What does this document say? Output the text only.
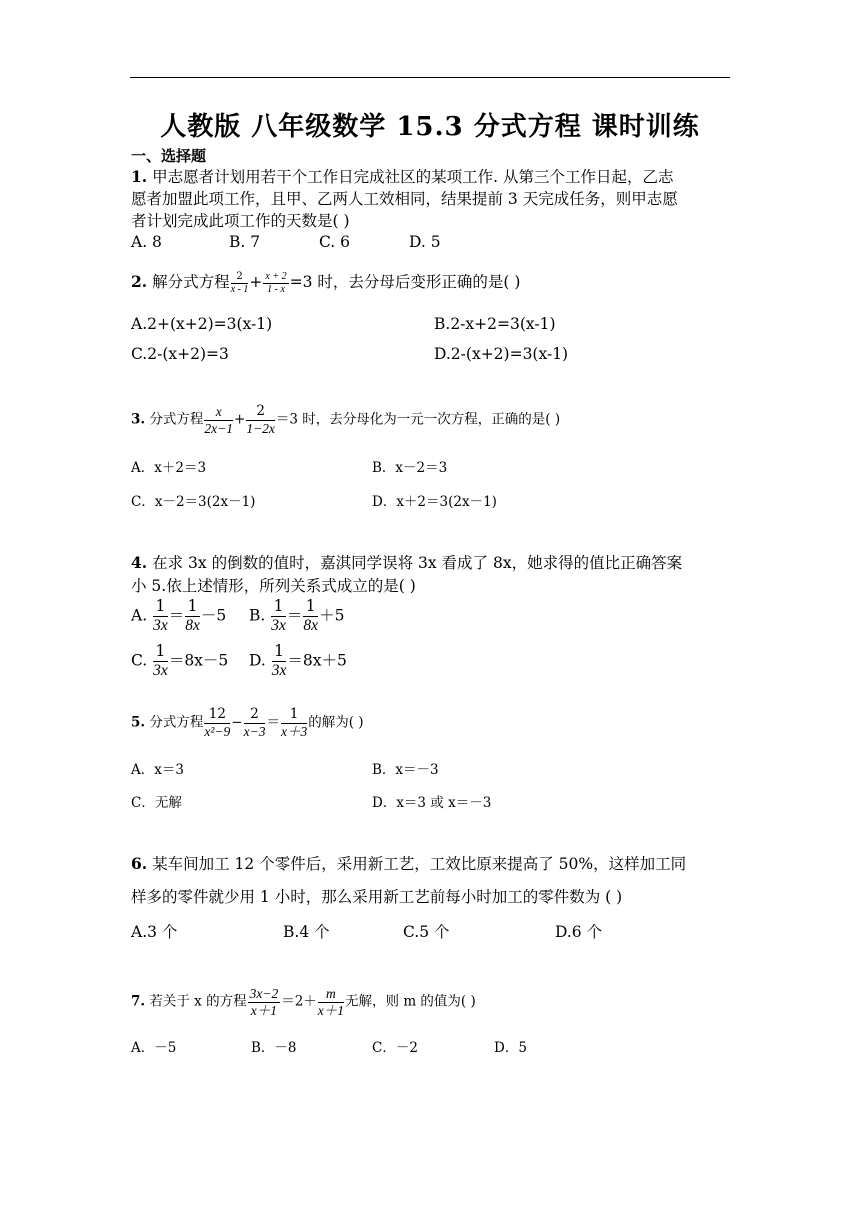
人教版 八年级数学 15.3 分式方程 课时训练
一、选择题
1. 甲志愿者计划用若干个工作日完成社区的某项工作. 从第三个工作日起，乙志
愿者加盟此项工作，且甲、乙两人工效相同，结果提前 3 天完成任务，则甲志愿
者计划完成此项工作的天数是( )
A. 8	B. 7	C. 6	D. 5
2. 解分式方程 $\frac{2}{x - 1} + \frac{x + 2}{1 - x} =3$ 时，去分母后变形正确的是( )
A.2+(x+2)=3(x-1)	B.2-x+2=3(x-1)
C.2-(x+2)=3	D.2-(x+2)=3(x-1)
3. 分式方程 $\frac{x}{2x-1} + \frac{2}{1-2x} =3$ 时，去分母化为一元一次方程，正确的是( )
A．x＋2＝3	B．x－2＝3
C．x－2＝3(2x－1)	D．x＋2＝3(2x－1)
4. 在求 3x 的倒数的值时，嘉淇同学误将 3x 看成了 8x，她求得的值比正确答案
小 5.依上述情形，所列关系式成立的是( )
A. $\frac{1}{3x} = \frac{1}{8x} -5$ B. $\frac{1}{3x} = \frac{1}{8x} +5$
C. $\frac{1}{3x} =8x-5$ D. $\frac{1}{3x} =8x+5$
5. 分式方程 $\frac{12}{\text{x²−9}} - \frac{2}{x-3} = \frac{1}{x+3}$ 的解为( )
A．x＝3	B．x＝－3
C．无解	D．x＝3 或 x＝－3
6. 某车间加工 12 个零件后，采用新工艺，工效比原来提高了 50%，这样加工同
样多的零件就少用 1 小时，那么采用新工艺前每小时加工的零件数为 ( )
A.3 个	B.4 个	C.5 个	D.6 个
7. 若关于 x 的方程 $\frac{3x-2}{x+1} =2+ \frac{m}{x+1}$ 无解，则 m 的值为( )
A．－5	B．－8	C．－2	D．5
